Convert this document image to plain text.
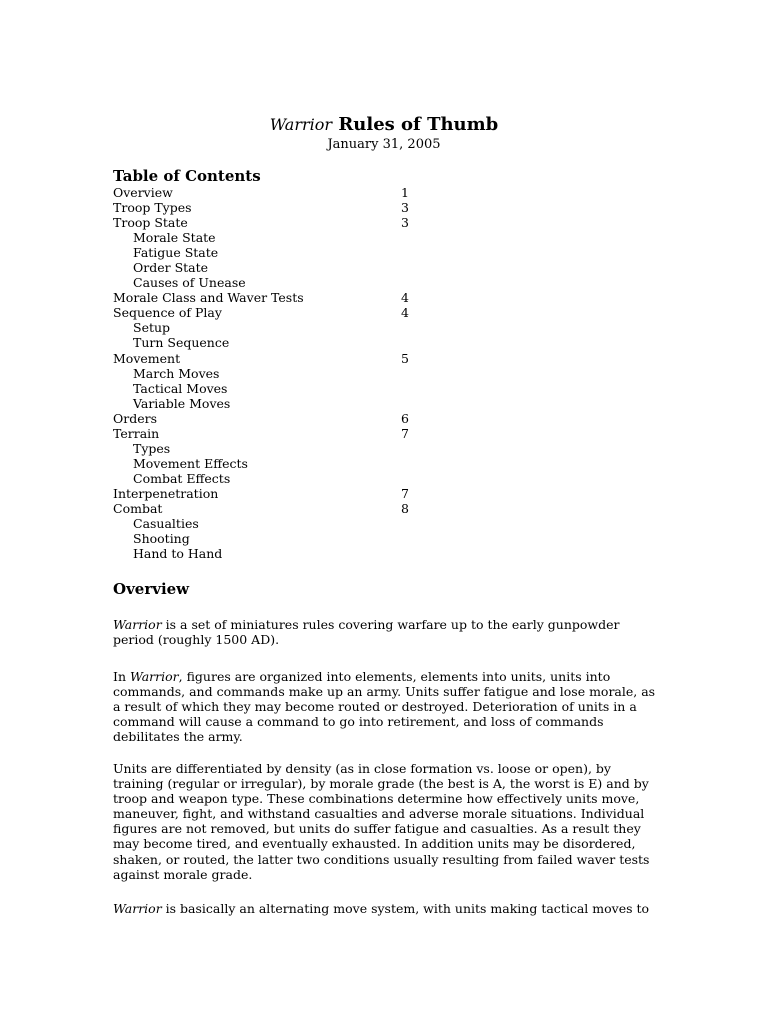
Warrior Rules of Thumb
January 31, 2005
Table of Contents
Overview	1
Troop Types	3
Troop State	3
Morale State
Fatigue State
Order State
Causes of Unease
Morale Class and Waver Tests	4
Sequence of Play	4
Setup
Turn Sequence
Movement	5
March Moves
Tactical Moves
Variable Moves
Orders	6
Terrain	7
Types
Movement Effects
Combat Effects
Interpenetration	7
Combat	8
Casualties
Shooting
Hand to Hand
Overview
Warrior is a set of miniatures rules covering warfare up to the early gunpowder period (roughly 1500 AD).
In Warrior, figures are organized into elements, elements into units, units into commands, and commands make up an army. Units suffer fatigue and lose morale, as a result of which they may become routed or destroyed. Deterioration of units in a command will cause a command to go into retirement, and loss of commands debilitates the army.
Units are differentiated by density (as in close formation vs. loose or open), by training (regular or irregular), by morale grade (the best is A, the worst is E) and by troop and weapon type. These combinations determine how effectively units move, maneuver, fight, and withstand casualties and adverse morale situations. Individual figures are not removed, but units do suffer fatigue and casualties. As a result they may become tired, and eventually exhausted. In addition units may be disordered, shaken, or routed, the latter two conditions usually resulting from failed waver tests against morale grade.
Warrior is basically an alternating move system, with units making tactical moves to
